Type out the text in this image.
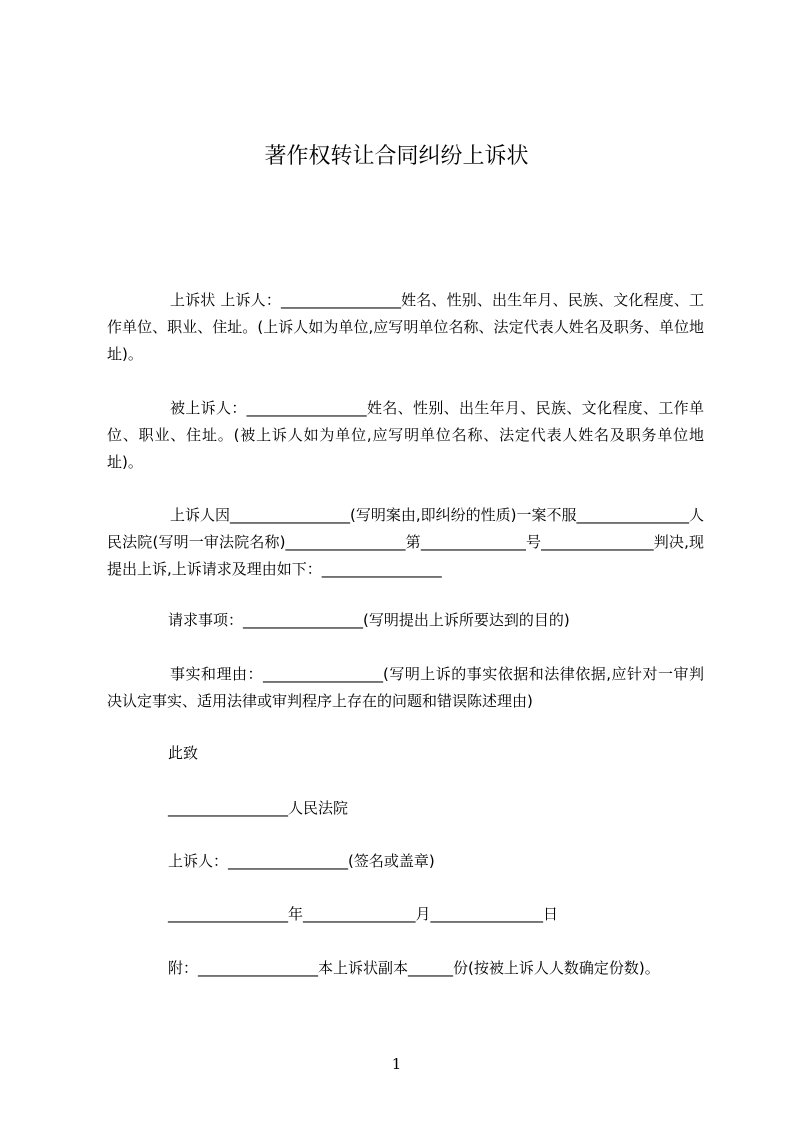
著作权转让合同纠纷上诉状
上诉状 上诉人：________________姓名、性别、出生年月、民族、文化程度、工作单位、职业、住址。(上诉人如为单位,应写明单位名称、法定代表人姓名及职务、单位地址)。
被上诉人：________________姓名、性别、出生年月、民族、文化程度、工作单位、职业、住址。(被上诉人如为单位,应写明单位名称、法定代表人姓名及职务单位地址)。
上诉人因________________(写明案由,即纠纷的性质)一案不服_______________人民法院(写明一审法院名称)________________第______________号_______________判决,现提出上诉,上诉请求及理由如下：________________
请求事项：________________(写明提出上诉所要达到的目的)
事实和理由：________________(写明上诉的事实依据和法律依据,应针对一审判决认定事实、适用法律或审判程序上存在的问题和错误陈述理由)
此致
________________人民法院
上诉人：________________(签名或盖章)
________________年_______________月_______________日
附：________________本上诉状副本______份(按被上诉人人数确定份数)。
1
